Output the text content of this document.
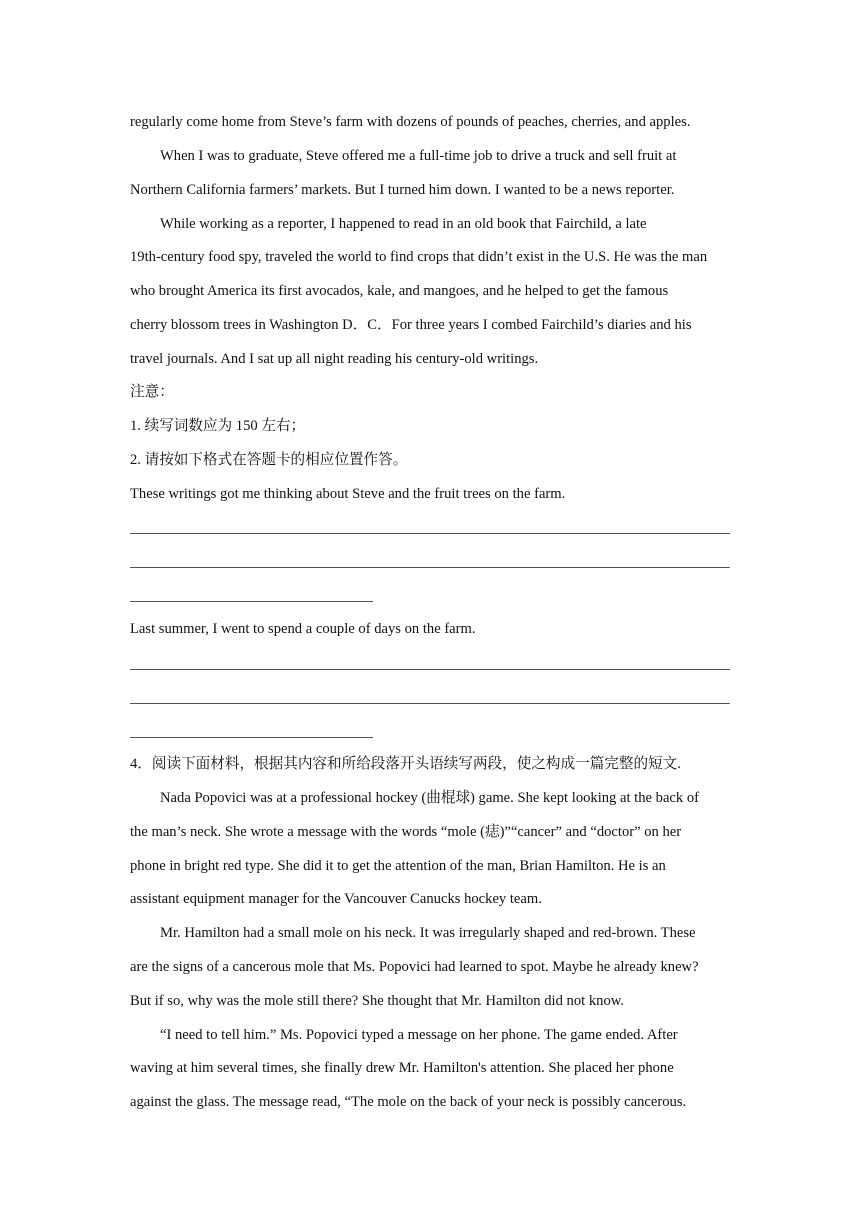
regularly come home from Steve’s farm with dozens of pounds of peaches, cherries, and apples.
When I was to graduate, Steve offered me a full-time job to drive a truck and sell fruit at
Northern California farmers’ markets. But I turned him down. I wanted to be a news reporter.
While working as a reporter, I happened to read in an old book that Fairchild, a late
19th-century food spy, traveled the world to find crops that didn’t exist in the U.S. He was the man
who brought America its first avocados, kale, and mangoes, and he helped to get the famous
cherry blossom trees in Washington D．C．For three years I combed Fairchild’s diaries and his
travel journals. And I sat up all night reading his century-old writings.
注意：
1. 续写词数应为 150 左右；
2. 请按如下格式在答题卡的相应位置作答。
These writings got me thinking about Steve and the fruit trees on the farm.
Last summer, I went to spend a couple of days on the farm.
4．阅读下面材料，根据其内容和所给段落开头语续写两段，使之构成一篇完整的短文.
Nada Popovici was at a professional hockey (曲棍球) game. She kept looking at the back of
the man’s neck. She wrote a message with the words “mole (痣)”“cancer” and “doctor” on her
phone in bright red type. She did it to get the attention of the man, Brian Hamilton. He is an
assistant equipment manager for the Vancouver Canucks hockey team.
Mr. Hamilton had a small mole on his neck. It was irregularly shaped and red-brown. These
are the signs of a cancerous mole that Ms. Popovici had learned to spot. Maybe he already knew?
But if so, why was the mole still there? She thought that Mr. Hamilton did not know.
“I need to tell him.” Ms. Popovici typed a message on her phone. The game ended. After
waving at him several times, she finally drew Mr. Hamilton's attention. She placed her phone
against the glass. The message read, “The mole on the back of your neck is possibly cancerous.
